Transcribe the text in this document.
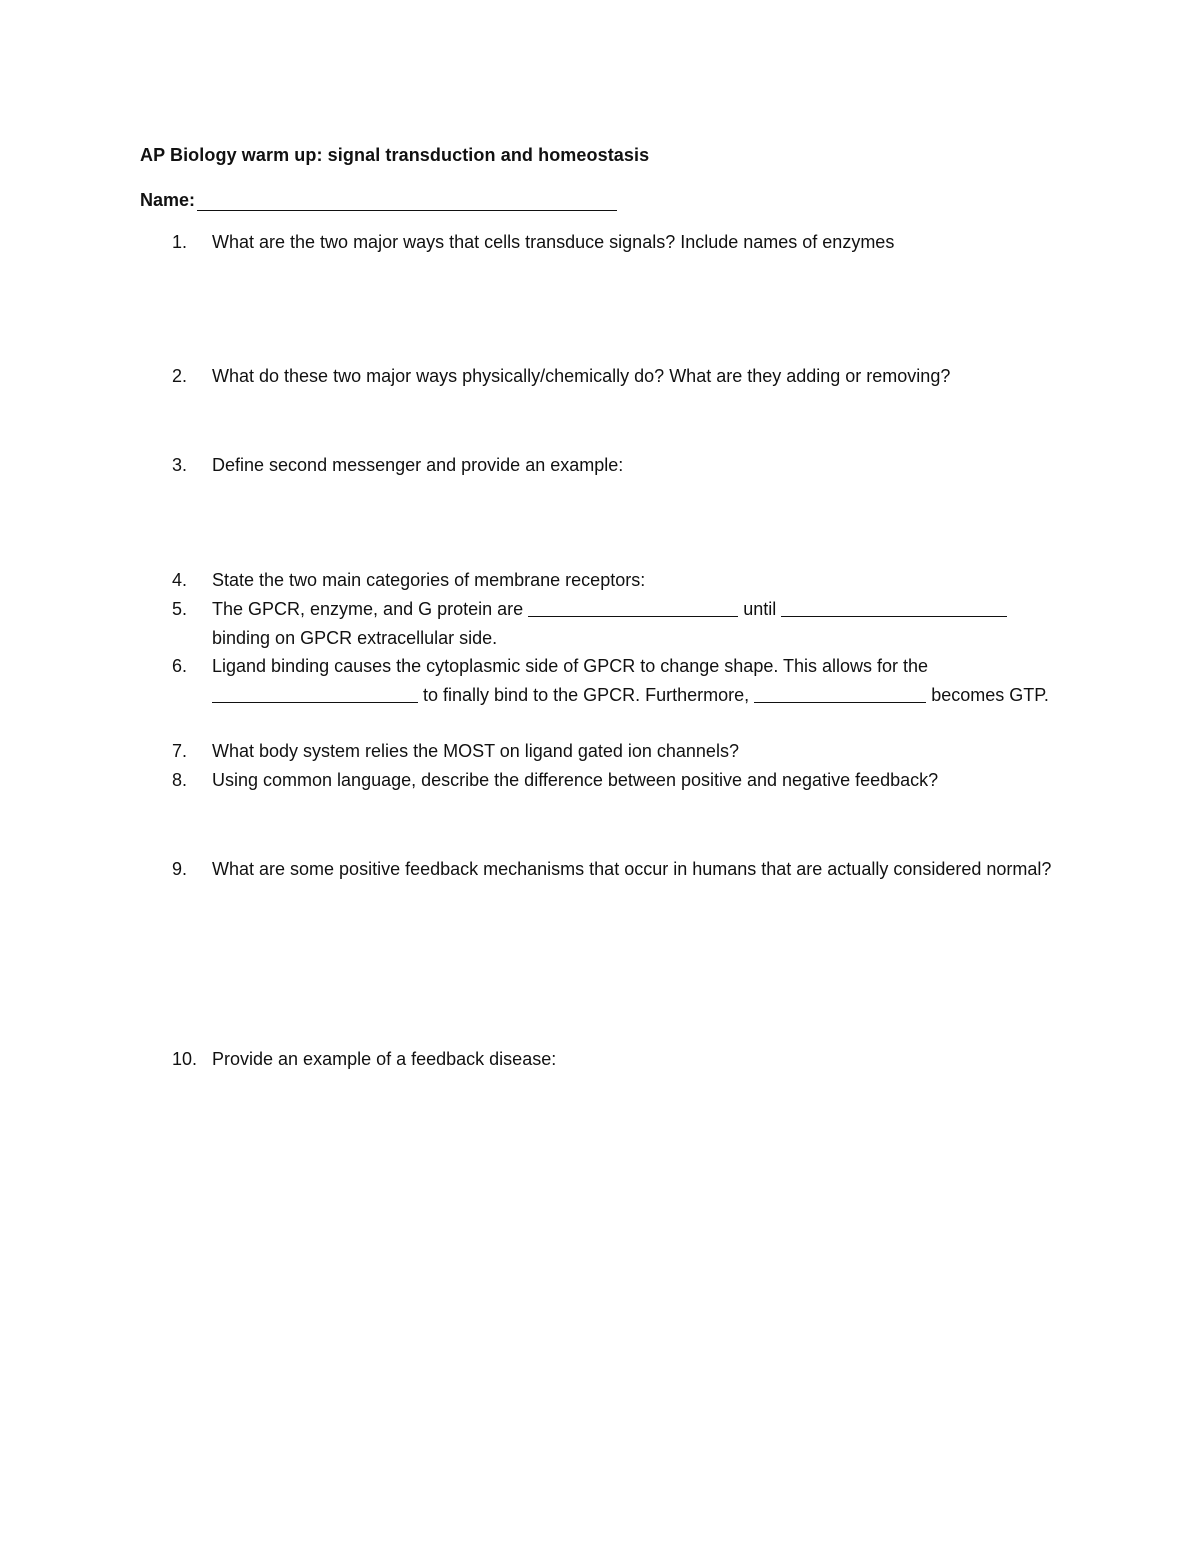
AP Biology warm up: signal transduction and homeostasis
Name:
1.	What are the two major ways that cells transduce signals? Include names of enzymes
2.	What do these two major ways physically/chemically do? What are they adding or removing?
3.	Define second messenger and provide an example:
4.	State the two main categories of membrane receptors:
5.	The GPCR, enzyme, and G protein are	until
binding on GPCR extracellular side.
6.	Ligand binding causes the cytoplasmic side of GPCR to change shape. This allows for the
to finally bind to the GPCR. Furthermore,	becomes GTP.
7.	What body system relies the MOST on ligand gated ion channels?
8.	Using common language, describe the difference between positive and negative feedback?
9.	What are some positive feedback mechanisms that occur in humans that are actually considered normal?
10. Provide an example of a feedback disease:
